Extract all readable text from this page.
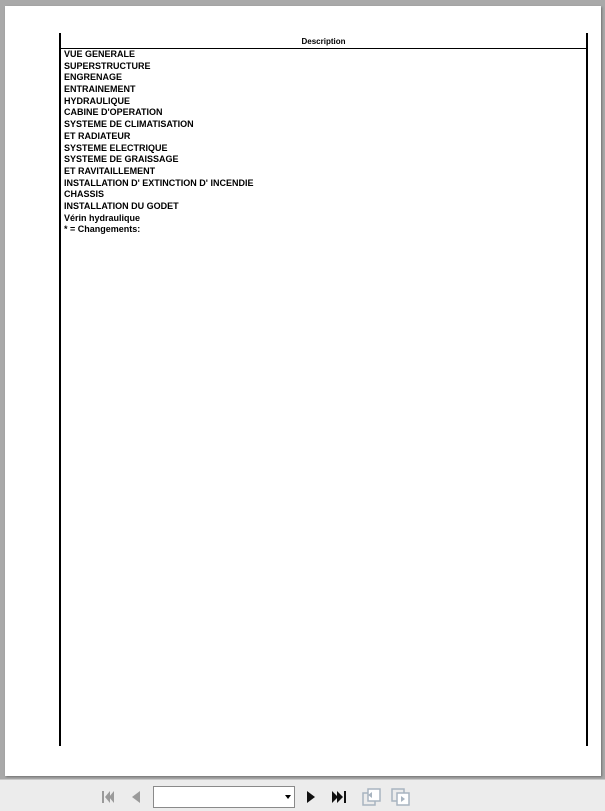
Description
VUE GENERALE
SUPERSTRUCTURE
ENGRENAGE
ENTRAINEMENT
HYDRAULIQUE
CABINE D'OPERATION
SYSTEME DE CLIMATISATION
ET RADIATEUR
SYSTEME ELECTRIQUE
SYSTEME DE GRAISSAGE
ET RAVITAILLEMENT
INSTALLATION D' EXTINCTION D' INCENDIE
CHASSIS
INSTALLATION DU GODET
Vérin hydraulique
* = Changements:
